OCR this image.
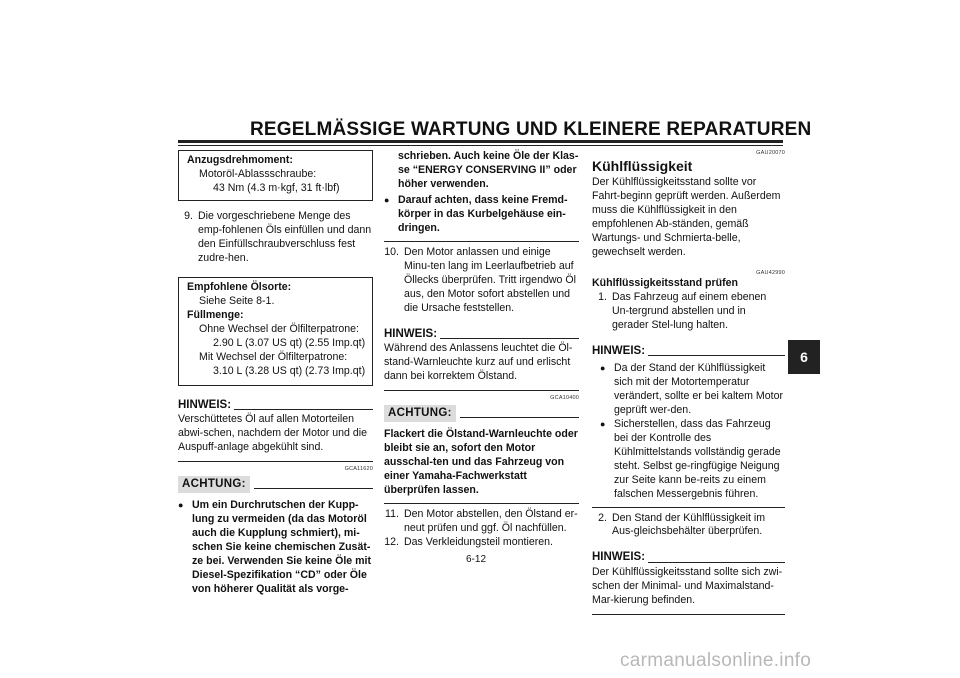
REGELMÄSSIGE WARTUNG UND KLEINERE REPARATUREN
6
Anzugsdrehmoment:
Motoröl-Ablassschraube:
43 Nm (4.3 m·kgf, 31 ft·lbf)
9. Die vorgeschriebene Menge des emp-fohlenen Öls einfüllen und dann den Einfüllschraubverschluss fest zudre-hen.
Empfohlene Ölsorte:
Siehe Seite 8-1.
Füllmenge:
Ohne Wechsel der Ölfilterpatrone:
2.90 L (3.07 US qt) (2.55 Imp.qt)
Mit Wechsel der Ölfilterpatrone:
3.10 L (3.28 US qt) (2.73 Imp.qt)
HINWEIS:
Verschüttetes Öl auf allen Motorteilen abwi-schen, nachdem der Motor und die Auspuff-anlage abgekühlt sind.
GCA11620
ACHTUNG:
● Um ein Durchrutschen der Kupp-lung zu vermeiden (da das Motoröl auch die Kupplung schmiert), mi-schen Sie keine chemischen Zusät-ze bei. Verwenden Sie keine Öle mit Diesel-Spezifikation “CD” oder Öle von höherer Qualität als vorge-
schrieben. Auch keine Öle der Klas-se “ENERGY CONSERVING II” oder höher verwenden.
● Darauf achten, dass keine Fremd-körper in das Kurbelgehäuse ein-dringen.
10. Den Motor anlassen und einige Minu-ten lang im Leerlaufbetrieb auf Öllecks überprüfen. Tritt irgendwo Öl aus, den Motor sofort abstellen und die Ursache feststellen.
HINWEIS:
Während des Anlassens leuchtet die Öl-stand-Warnleuchte kurz auf und erlischt dann bei korrektem Ölstand.
GCA10400
ACHTUNG:
Flackert die Ölstand-Warnleuchte oder bleibt sie an, sofort den Motor ausschal-ten und das Fahrzeug von einer Yamaha-Fachwerkstatt überprüfen lassen.
11. Den Motor abstellen, den Ölstand er-neut prüfen und ggf. Öl nachfüllen.
12. Das Verkleidungsteil montieren.
GAU20070
Kühlflüssigkeit
Der Kühlflüssigkeitsstand sollte vor Fahrt-beginn geprüft werden. Außerdem muss die Kühlflüssigkeit in den empfohlenen Ab-ständen, gemäß Wartungs- und Schmierta-belle, gewechselt werden.
GAU42990
Kühlflüssigkeitsstand prüfen
1. Das Fahrzeug auf einem ebenen Un-tergrund abstellen und in gerader Stel-lung halten.
HINWEIS:
● Da der Stand der Kühlflüssigkeit sich mit der Motortemperatur verändert, sollte er bei kaltem Motor geprüft wer-den.
● Sicherstellen, dass das Fahrzeug bei der Kontrolle des Kühlmittelstands vollständig gerade steht. Selbst ge-ringfügige Neigung zur Seite kann be-reits zu einem falschen Messergebnis führen.
2. Den Stand der Kühlflüssigkeit im Aus-gleichsbehälter überprüfen.
HINWEIS:
Der Kühlflüssigkeitsstand sollte sich zwi-schen der Minimal- und Maximalstand-Mar-kierung befinden.
6-12
carmanualsonline.info
